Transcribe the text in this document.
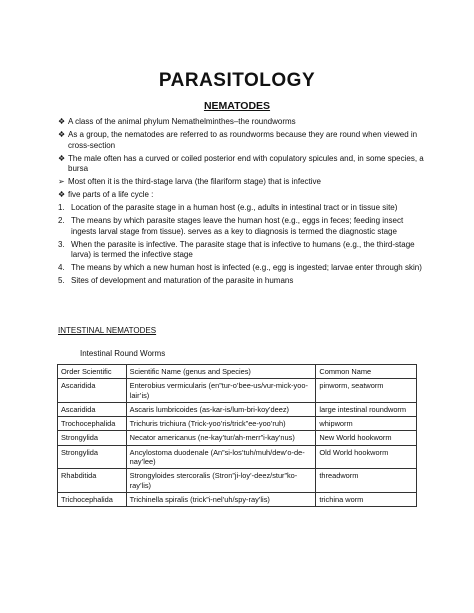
PARASITOLOGY
NEMATODES
❖ A class of the animal phylum Nemathelminthes–the roundworms
❖ As a group, the nematodes are referred to as roundworms because they are round when viewed in cross-section
❖ The male often has a curved or coiled posterior end with copulatory spicules and, in some species, a bursa
➢ Most often it is the third-stage larva (the filariform stage) that is infective
❖ five parts of a life cycle :
1. Location of the parasite stage in a human host (e.g., adults in intestinal tract or in tissue site)
2. The means by which parasite stages leave the human host (e.g., eggs in feces; feeding insect ingests larval stage from tissue). serves as a key to diagnosis is termed the diagnostic stage
3. When the parasite is infective. The parasite stage that is infective to humans (e.g., the third-stage larva) is termed the infective stage
4. The means by which a new human host is infected (e.g., egg is ingested; larvae enter through skin)
5. Sites of development and maturation of the parasite in humans
INTESTINAL NEMATODES
Intestinal Round Worms
Order Scientific	Scientific Name (genus and Species)	Common Name
Ascaridida	Enterobius vermicularis (en”tur-o’bee-us/vur-mick-yoo-lair’is)	pinworm, seatworm
Ascaridida	Ascaris lumbricoides (as-kar-is/lum-bri-koy’deez)	large intestinal roundworm
Trochocephalida	Trichuris trichiura (Trick-yoo’ris/trick”ee-yoo’ruh)	whipworm
Strongylida	Necator americanus (ne-kay’tur/ah-merr”i-kay’nus)	New World hookworm
Strongylida	Ancylostoma duodenale (An”si-los’tuh/muh/dew’o-de-nay’lee)	Old World hookworm
Rhabditida	Strongyloides stercoralis (Stron”ji-loy’-deez/stur”ko-ray’lis)	threadworm
Trichocephalida	Trichinella spiralis (trick”i-nel’uh/spy-ray’lis)	trichina worm
